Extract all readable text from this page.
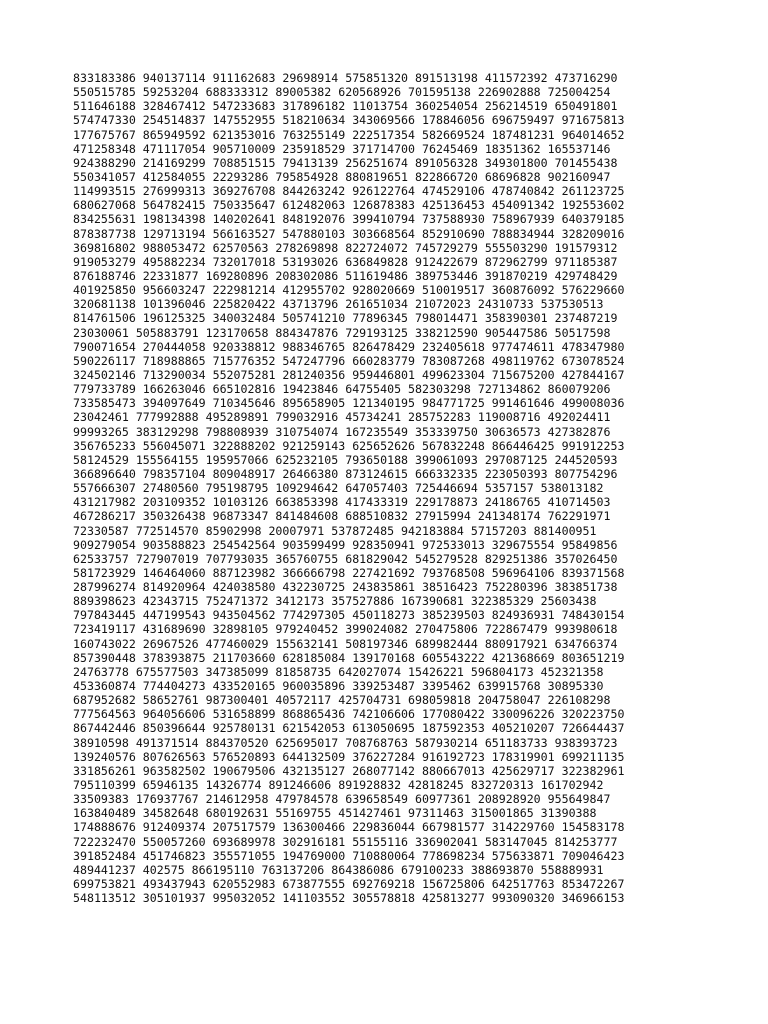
833183386 940137114 911162683 29698914 575851320 891513198 411572392 473716290
550515785 59253204 688333312 89005382 620568926 701595138 226902888 725004254
511646188 328467412 547233683 317896182 11013754 360254054 256214519 650491801
574747330 254514837 147552955 518210634 343069566 178846056 696759497 971675813
177675767 865949592 621353016 763255149 222517354 582669524 187481231 964014652
471258348 471117054 905710009 235918529 371714700 76245469 18351362 165537146
924388290 214169299 708851515 79413139 256251674 891056328 349301800 701455438
550341057 412584055 22293286 795854928 880819651 822866720 68696828 902160947
114993515 276999313 369276708 844263242 926122764 474529106 478740842 261123725
680627068 564782415 750335647 612482063 126878383 425136453 454091342 192553602
834255631 198134398 140202641 848192076 399410794 737588930 758967939 640379185
878387738 129713194 566163527 547880103 303668564 852910690 788834944 328209016
369816802 988053472 62570563 278269898 822724072 745729279 555503290 191579312
919053279 495882234 732017018 53193026 636849828 912422679 872962799 971185387
876188746 22331877 169280896 208302086 511619486 389753446 391870219 429748429
401925850 956603247 222981214 412955702 928020669 510019517 360876092 576229660
320681138 101396046 225820422 43713796 261651034 21072023 24310733 537530513
814761506 196125325 340032484 505741210 77896345 798014471 358390301 237487219
23030061 505883791 123170658 884347876 729193125 338212590 905447586 50517598
790071654 270444058 920338812 988346765 826478429 232405618 977474611 478347980
590226117 718988865 715776352 547247796 660283779 783087268 498119762 673078524
324502146 713290034 552075281 281240356 959446801 499623304 715675200 427844167
779733789 166263046 665102816 19423846 64755405 582303298 727134862 860079206
733585473 394097649 710345646 895658905 121340195 984771725 991461646 499008036
23042461 777992888 495289891 799032916 45734241 285752283 119008716 492024411
99993265 383129298 798808939 310754074 167235549 353339750 30636573 427382876
356765233 556045071 322888202 921259143 625652626 567832248 866446425 991912253
58124529 155564155 195957066 625232105 793650188 399061093 297087125 244520593
366896640 798357104 809048917 26466380 873124615 666332335 223050393 807754296
557666307 27480560 795198795 109294642 647057403 725446694 5357157 538013182
431217982 203109352 10103126 663853398 417433319 229178873 24186765 410714503
467286217 350326438 96873347 841484608 688510832 27915994 241348174 762291971
72330587 772514570 85902998 20007971 537872485 942183884 57157203 881400951
909279054 903588823 254542564 903599499 928350941 972533013 329675554 95849856
62533757 727907019 707793035 365760755 681829042 545279528 829251386 357026450
581723929 146464060 887123982 366666798 227421692 793768508 596964106 839371568
287996274 814920964 424038580 432230725 243835861 38516423 752280396 383851738
889398623 42343715 752471372 3412173 357527886 167390681 322385329 25603438
797843445 447199543 943504562 774297305 450118273 385239503 824936931 748430154
723419117 431689690 32898105 979240452 399024082 270475806 722867479 993980618
160743022 26967526 477460029 155632141 508197346 689982444 880917921 634766374
857390448 378393875 211703660 628185084 139170168 605543222 421368669 803651219
24763778 675577503 347385099 81858735 642027074 15426221 596804173 452321358
453360874 774404273 433520165 960035896 339253487 3395462 639915768 30895330
687952682 58652761 987300401 40572117 425704731 698059818 204758047 226108298
777564563 964056606 531658899 868865436 742106606 177080422 330096226 320223750
867442446 850396644 925780131 621542053 613050695 187592353 405210207 726644437
38910598 491371514 884370520 625695017 708768763 587930214 651183733 938393723
139240576 807626563 576520893 644132509 376227284 916192723 178319901 699211135
331856261 963582502 190679506 432135127 268077142 880667013 425629717 322382961
795110399 65946135 14326774 891246606 891928832 42818245 832720313 161702942
33509383 176937767 214612958 479784578 639658549 60977361 208928920 955649847
163840489 34582648 680192631 55169755 451427461 97311463 315001865 31390388
174888676 912409374 207517579 136300466 229836044 667981577 314229760 154583178
722232470 550057260 693689978 302916181 55155116 336902041 583147045 814253777
391852484 451746823 355571055 194769000 710880064 778698234 575633871 709046423
489441237 402575 866195110 763137206 864386086 679100233 388693870 558889931
699753821 493437943 620552983 673877555 692769218 156725806 642517763 853472267
548113512 305101937 995032052 141103552 305578818 425813277 993090320 346966153
